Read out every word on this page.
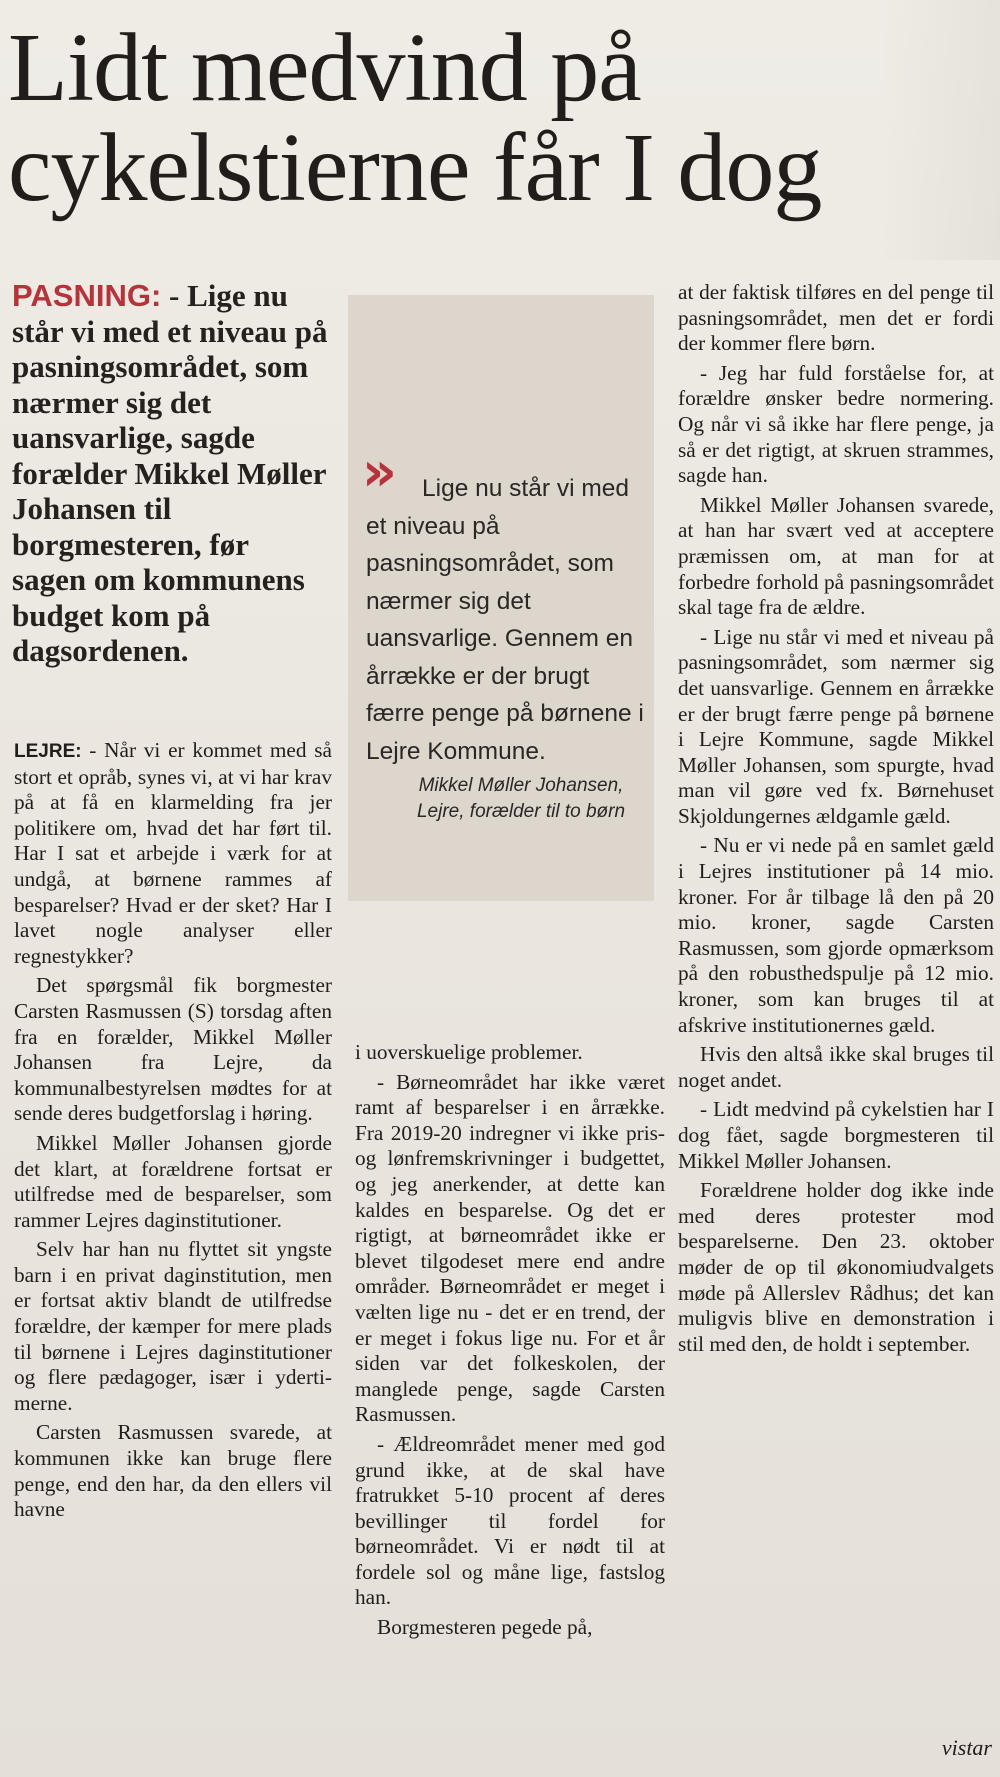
Lidt medvind på
cykelstierne får I dog
PASNING: - Lige nu står vi med et niveau på pasningsområdet, som nærmer sig det uansvarlige, sagde forælder Mikkel Møller Johansen til borgmesteren, før sagen om kommunens budget kom på dagsordenen.
»	Lige nu står vi med et niveau på pasningsområdet, som nærmer sig det uansvarlige. Gennem en årrække er der brugt færre penge på børnene i Lejre Kommune.
Mikkel Møller Johansen, Lejre, forælder til to børn

LEJRE: - Når vi er kommet med så stort et opråb, synes vi, at vi har krav på at få en klarmelding fra jer politikere om, hvad det har ført til. Har I sat et arbejde i værk for at undgå, at børnene rammes af besparelser? Hvad er der sket? Har I lavet nogle analyser eller regnestykker?

Det spørgsmål fik borgmester Carsten Rasmussen (S) torsdag aften fra en forælder, Mikkel Møller Johansen fra Lejre, da kommunalbestyrelsen mødtes for at sende deres budgetforslag i høring.

Mikkel Møller Johansen gjorde det klart, at forældrene fortsat er utilfredse med de besparelser, som rammer Lejres daginstitutioner.

Selv har han nu flyttet sit yngste barn i en privat daginstitution, men er fortsat aktiv blandt de utilfredse forældre, der kæmper for mere plads til børnene i Lejres daginstitutioner og flere pædagoger, især i ydertimerne.

Carsten Rasmussen svarede, at kommunen ikke kan bruge flere penge, end den har, da den ellers vil havne

i uoverskuelige problemer.

- Børneområdet har ikke været ramt af besparelser i en årrække. Fra 2019-20 indregner vi ikke pris- og lønfremskrivninger i budgettet, og jeg anerkender, at dette kan kaldes en besparelse. Og det er rigtigt, at børneområdet ikke er blevet tilgodeset mere end andre områder. Børneområdet er meget i vælten lige nu - det er en trend, der er meget i fokus lige nu. For et år siden var det folkeskolen, der manglede penge, sagde Carsten Rasmussen.

- Ældreområdet mener med god grund ikke, at de skal have fratrukket 5-10 procent af deres bevillinger til fordel for børneområdet. Vi er nødt til at fordele sol og måne lige, fastslog han.

Borgmesteren pegede på,

at der faktisk tilføres en del penge til pasningsområdet, men det er fordi der kommer flere børn.

- Jeg har fuld forståelse for, at forældre ønsker bedre normering. Og når vi så ikke har flere penge, ja så er det rigtigt, at skruen strammes, sagde han.

Mikkel Møller Johansen svarede, at han har svært ved at acceptere præmissen om, at man for at forbedre forhold på pasningsområdet skal tage fra de ældre.

- Lige nu står vi med et niveau på pasningsområdet, som nærmer sig det uansvarlige. Gennem en årrække er der brugt færre penge på børnene i Lejre Kommune, sagde Mikkel Møller Johansen, som spurgte, hvad man vil gøre ved fx. Børnehuset Skjoldungernes ældgamle gæld.

- Nu er vi nede på en samlet gæld i Lejres institutioner på 14 mio. kroner. For år tilbage lå den på 20 mio. kroner, sagde Carsten Rasmussen, som gjorde opmærksom på den robusthedspulje på 12 mio. kroner, som kan bruges til at afskrive institutionernes gæld.

Hvis den altså ikke skal bruges til noget andet.

- Lidt medvind på cykelstien har I dog fået, sagde borgmesteren til Mikkel Møller Johansen.

Forældrene holder dog ikke inde med deres protester mod besparelserne. Den 23. oktober møder de op til økonomiudvalgets møde på Allerslev Rådhus; det kan muligvis blive en demonstration i stil med den, de holdt i september.

vistar
